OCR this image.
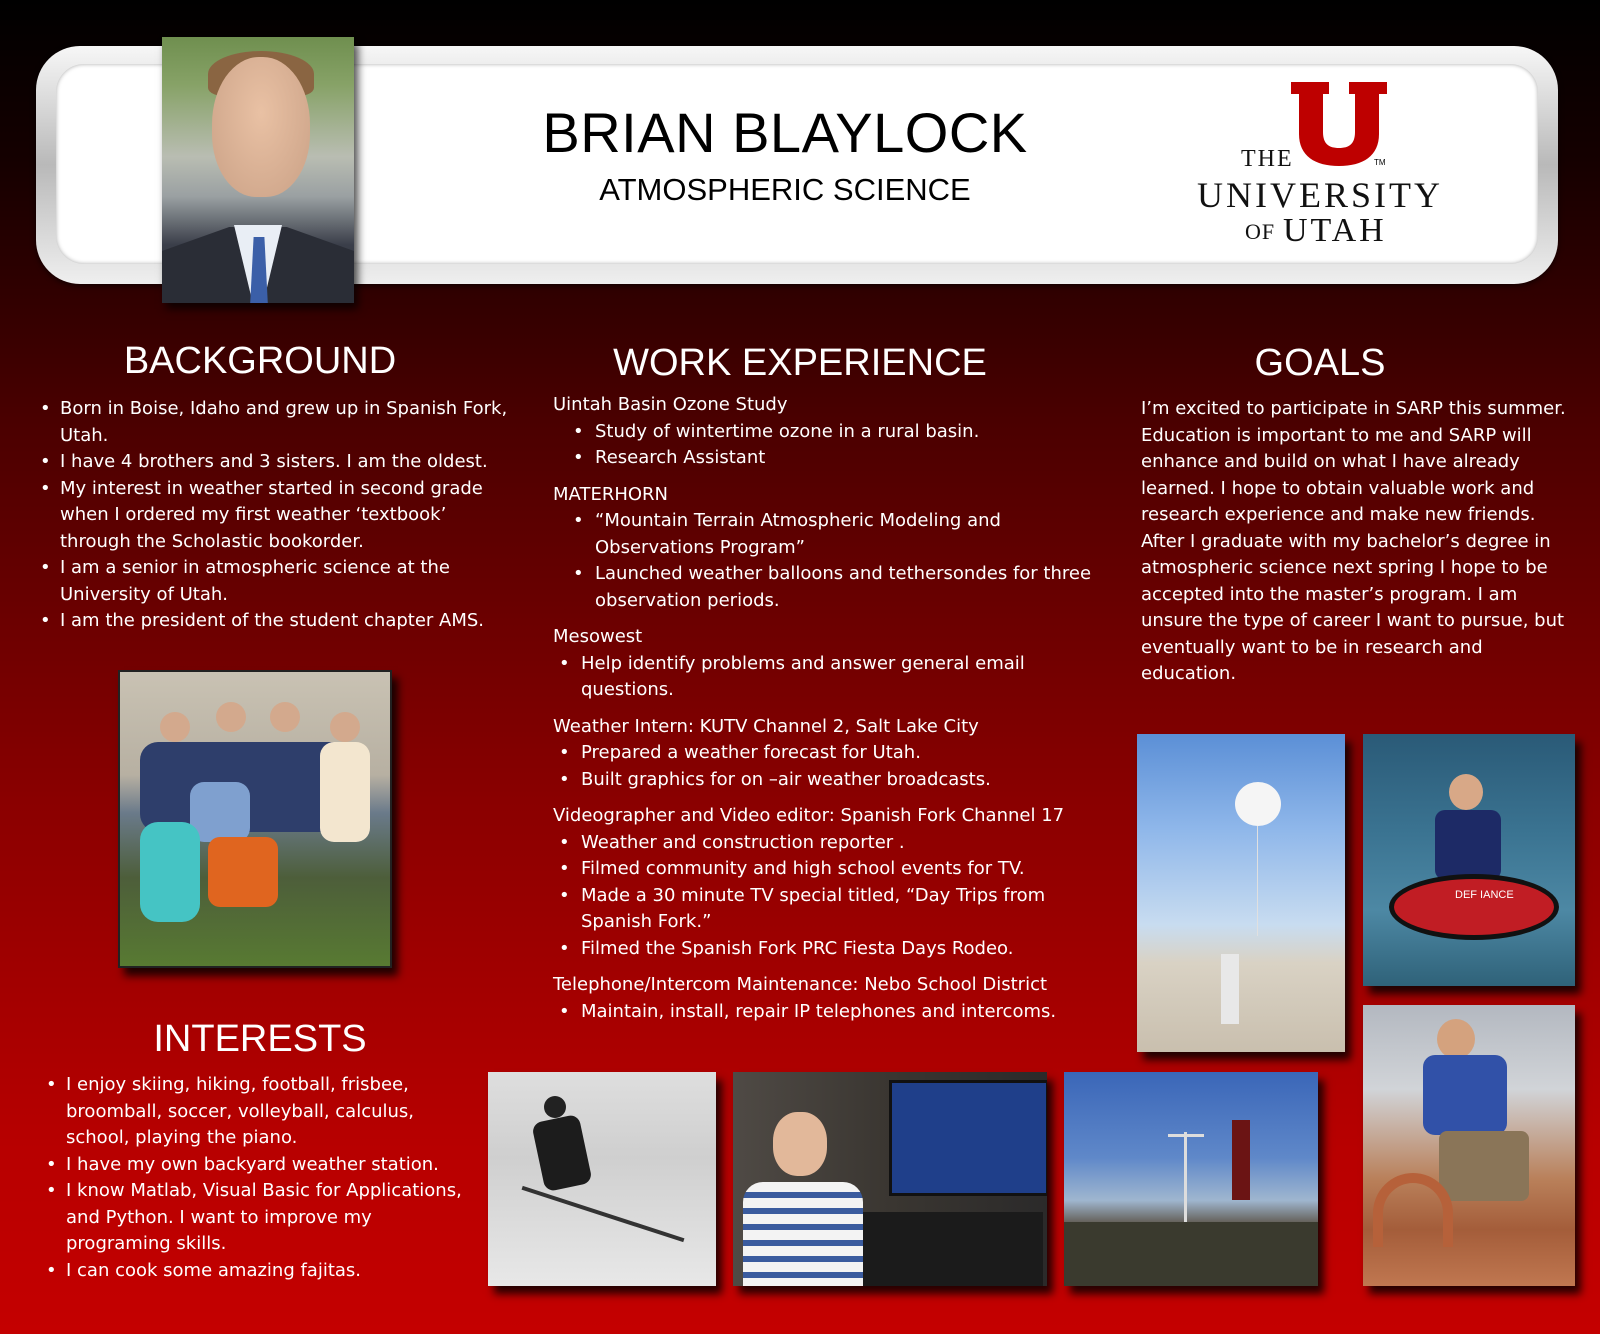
BRIAN BLAYLOCK
ATMOSPHERIC SCIENCE
TM
THE
UNIVERSITY
OF UTAH
BACKGROUND
• Born in Boise, Idaho and grew up in Spanish Fork, Utah.
• I have 4 brothers and 3 sisters. I am the oldest.
• My interest in weather started in second grade when I ordered my first weather ‘textbook’ through the Scholastic bookorder.
• I am a senior in atmospheric science at the University of Utah.
• I am the president of the student chapter AMS.
INTERESTS
• I enjoy skiing, hiking, football, frisbee, broomball, soccer, volleyball, calculus, school, playing the piano.
• I have my own backyard weather station.
• I know Matlab, Visual Basic for Applications, and Python. I want to improve my programing skills.
• I can cook some amazing fajitas.
WORK EXPERIENCE
Uintah Basin Ozone Study
• Study of wintertime ozone in a rural basin.
• Research Assistant
MATERHORN
• “Mountain Terrain Atmospheric Modeling and Observations Program”
• Launched weather balloons and tethersondes for three observation periods.
Mesowest
• Help identify problems and answer general email questions.
Weather Intern: KUTV Channel 2, Salt Lake City
• Prepared a weather forecast for Utah.
• Built graphics for on –air weather broadcasts.
Videographer and Video editor: Spanish Fork Channel 17
• Weather and construction reporter .
• Filmed community and high school events for TV.
• Made a 30 minute TV special titled, “Day Trips from Spanish Fork.”
• Filmed the Spanish Fork PRC Fiesta Days Rodeo.
Telephone/Intercom Maintenance: Nebo School District
• Maintain, install, repair IP telephones and intercoms.
GOALS
I’m excited to participate in SARP this summer. Education is important to me and SARP will enhance and build on what I have already learned. I hope to obtain valuable work and research experience and make new friends. After I graduate with my bachelor’s degree in atmospheric science next spring I hope to be accepted into the master’s program. I am unsure the type of career I want to pursue, but eventually want to be in research and education.
DEF IANCE
